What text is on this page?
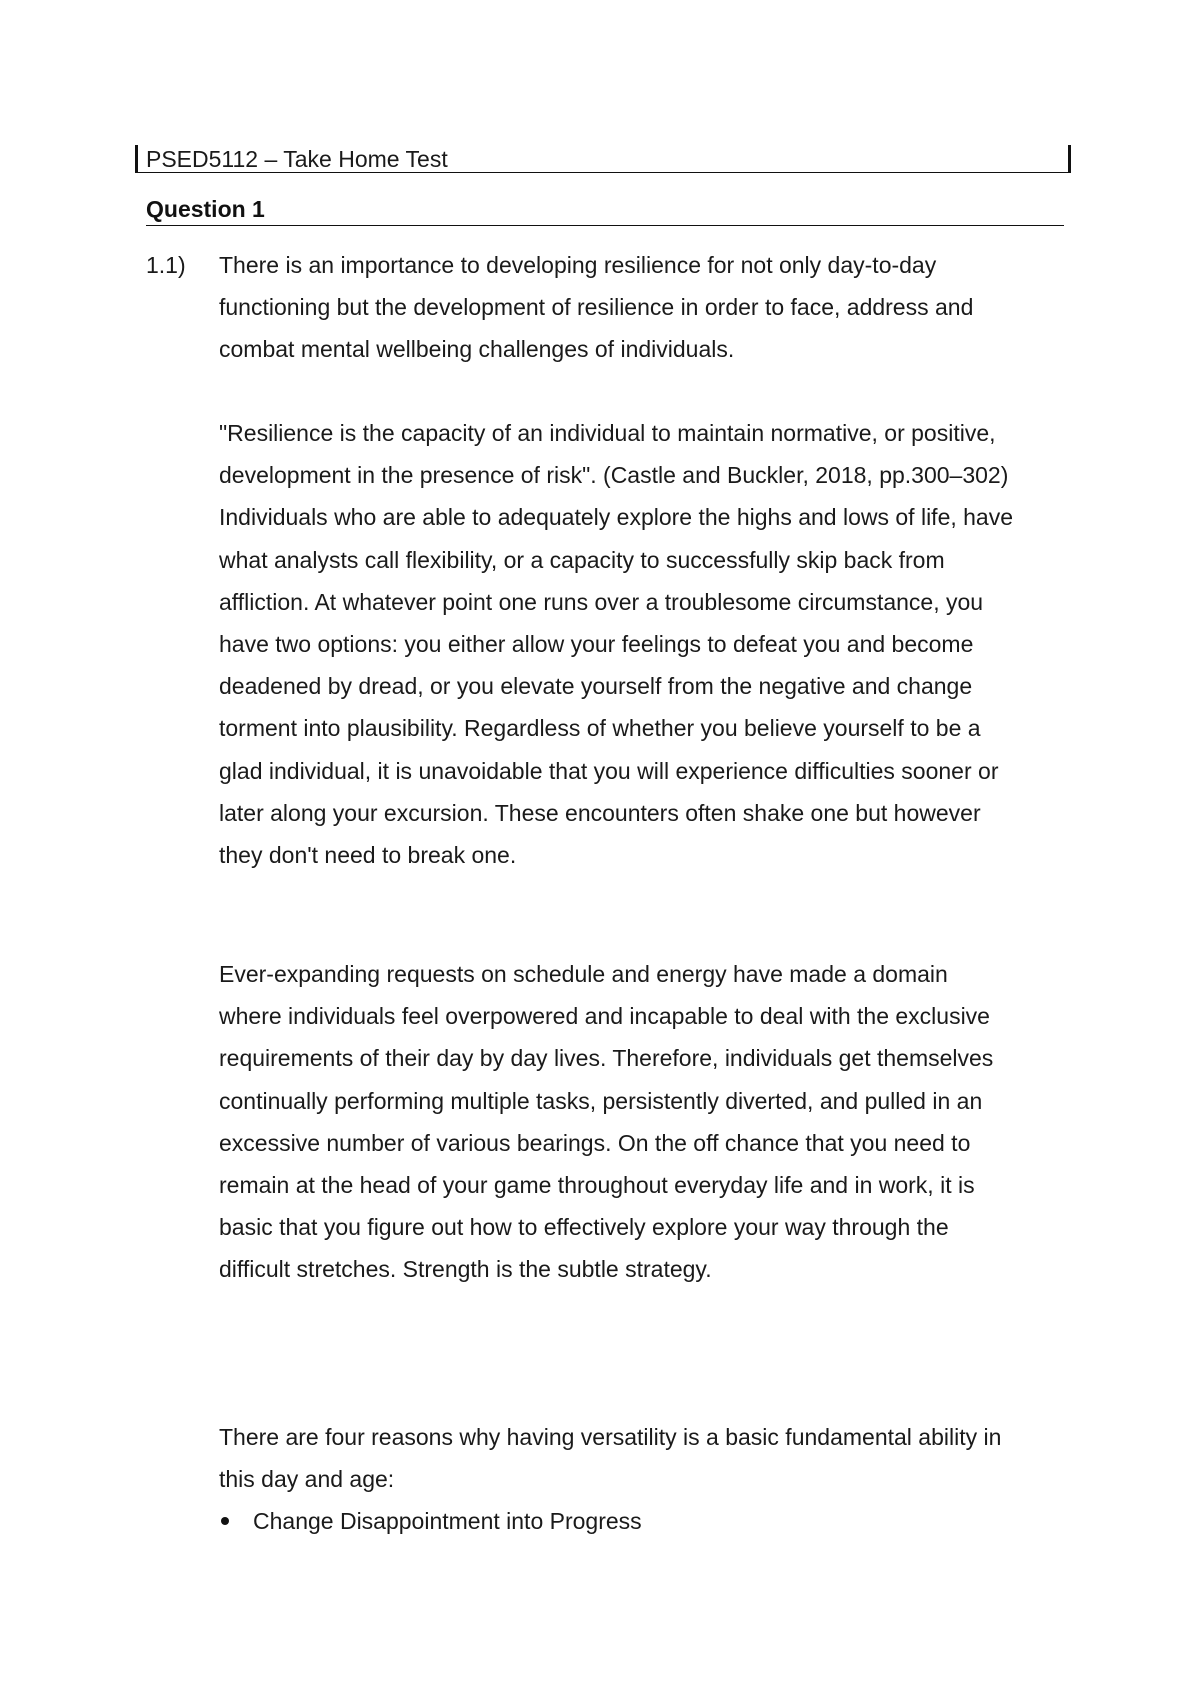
PSED5112 – Take Home Test
Question 1
1.1) There is an importance to developing resilience for not only day-to-day
functioning but the development of resilience in order to face, address and
combat mental wellbeing challenges of individuals.
"Resilience is the capacity of an individual to maintain normative, or positive,
development in the presence of risk". (Castle and Buckler, 2018, pp.300–302)
Individuals who are able to adequately explore the highs and lows of life, have
what analysts call flexibility, or a capacity to successfully skip back from
affliction. At whatever point one runs over a troublesome circumstance, you
have two options: you either allow your feelings to defeat you and become
deadened by dread, or you elevate yourself from the negative and change
torment into plausibility. Regardless of whether you believe yourself to be a
glad individual, it is unavoidable that you will experience difficulties sooner or
later along your excursion. These encounters often shake one but however
they don't need to break one.
Ever-expanding requests on schedule and energy have made a domain
where individuals feel overpowered and incapable to deal with the exclusive
requirements of their day by day lives. Therefore, individuals get themselves
continually performing multiple tasks, persistently diverted, and pulled in an
excessive number of various bearings. On the off chance that you need to
remain at the head of your game throughout everyday life and in work, it is
basic that you figure out how to effectively explore your way through the
difficult stretches. Strength is the subtle strategy.
There are four reasons why having versatility is a basic fundamental ability in
this day and age:
Change Disappointment into Progress
